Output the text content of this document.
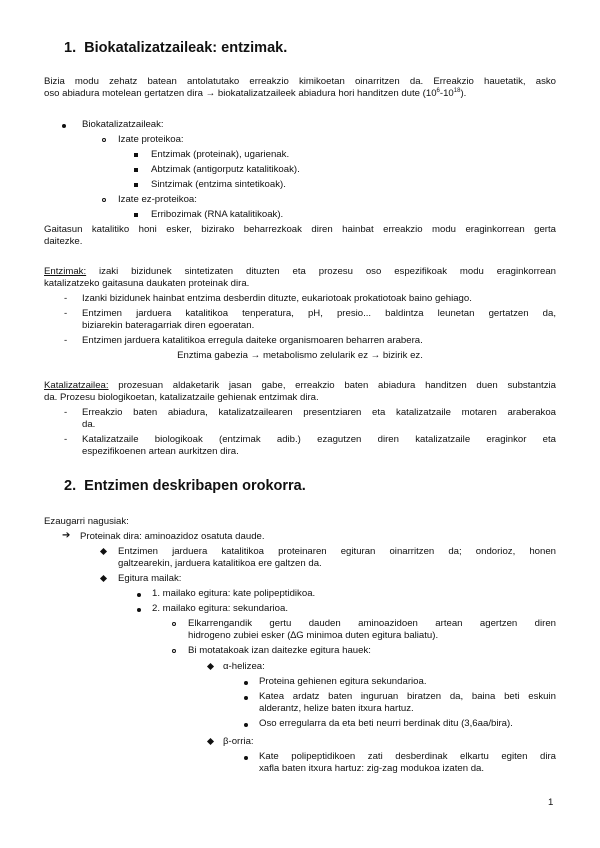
1. Biokatalizatzaileak: entzimak.
Bizia modu zehatz batean antolatutako erreakzio kimikoetan oinarritzen da. Erreakzio hauetatik, asko
oso abiadura motelean gertatzen dira → biokatalizatzaileek abiadura hori handitzen dute $(10^6-10^{18})$.
Biokatalizatzaileak:
Izate proteikoa:
Entzimak (proteinak), ugarienak.
Abtzimak (antigorputz katalitikoak).
Sintzimak (entzima sintetikoak).
Izate ez-proteikoa:
Erribozimak (RNA katalitikoak).
Gaitasun katalitiko honi esker, bizirako beharrezkoak diren hainbat erreakzio modu eraginkorrean gerta
daitezke.
Entzimak: izaki bizidunek sintetizaten dituzten eta prozesu oso espezifikoak modu eraginkorrean
katalizatzeko gaitasuna daukaten proteinak dira.
- Izanki bizidunek hainbat entzima desberdin dituzte, eukariotoak prokatiotoak baino gehiago.
- Entzimen jarduera katalitikoa tenperatura, pH, presio... baldintza leunetan gertatzen da,
biziarekin bateragarriak diren egoeratan.
- Entzimen jarduera katalitikoa erregula daiteke organismoaren beharren arabera.
Enztima gabezia → metabolismo zelularik ez → bizirik ez.
Katalizatzailea: prozesuan aldaketarik jasan gabe, erreakzio baten abiadura handitzen duen substantzia
da. Prozesu biologikoetan, katalizatzaile gehienak entzimak dira.
- Erreakzio baten abiadura, katalizatzailearen presentziaren eta katalizatzaile motaren araberakoa
da.
- Katalizatzaile biologikoak (entzimak adib.) ezagutzen diren katalizatzaile eraginkor eta
espezifikoenen artean aurkitzen dira.
2. Entzimen deskribapen orokorra.
Ezaugarri nagusiak:
➔ Proteinak dira: aminoazidoz osatuta daude.
Entzimen jarduera katalitikoa proteinaren egituran oinarritzen da; ondorioz, honen
galtzearekin, jarduera katalitikoa ere galtzen da.
Egitura mailak:
1. mailako egitura: kate polipeptidikoa.
2. mailako egitura: sekundarioa.
Elkarrengandik gertu dauden aminoazidoen artean agertzen diren
hidrogeno zubiei esker (∆G minimoa duten egitura baliatu).
Bi motatakoak izan daitezke egitura hauek:
α-helizea:
Proteina gehienen egitura sekundarioa.
Katea ardatz baten inguruan biratzen da, baina beti eskuin
alderantz, helize baten itxura hartuz.
Oso erregularra da eta beti neurri berdinak ditu (3,6aa/bira).
β-orria:
Kate polipeptidikoen zati desberdinak elkartu egiten dira
xafla baten itxura hartuz: zig-zag modukoa izaten da.
1
